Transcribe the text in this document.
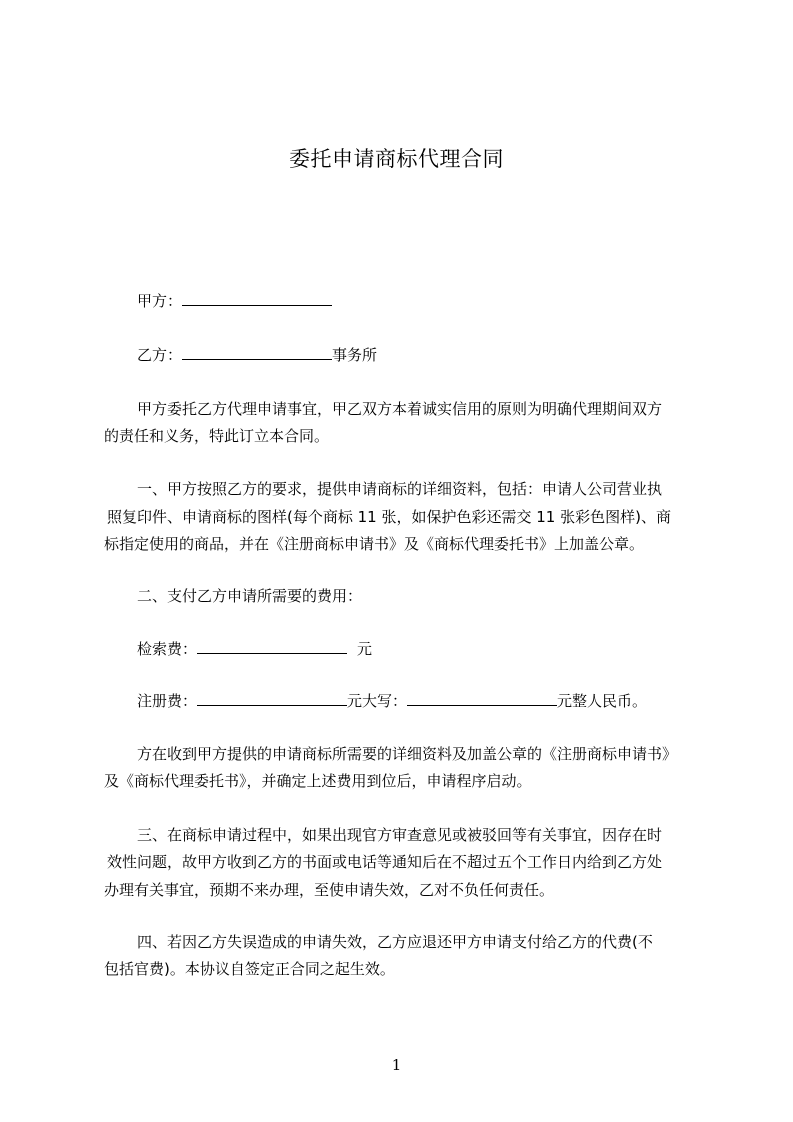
委托申请商标代理合同
甲方：
乙方：	事务所
甲方委托乙方代理申请事宜，甲乙双方本着诚实信用的原则为明确代理期间双方
的责任和义务，特此订立本合同。
一、甲方按照乙方的要求，提供申请商标的详细资料，包括：申请人公司营业执
照复印件、申请商标的图样(每个商标 11 张，如保护色彩还需交 11 张彩色图样)、商
标指定使用的商品，并在《注册商标申请书》及《商标代理委托书》上加盖公章。
二、支付乙方申请所需要的费用：
检索费：	元
注册费：	元大写：	元整人民币。
方在收到甲方提供的申请商标所需要的详细资料及加盖公章的《注册商标申请书》
及《商标代理委托书》，并确定上述费用到位后，申请程序启动。
三、在商标申请过程中，如果出现官方审查意见或被驳回等有关事宜，因存在时
效性问题，故甲方收到乙方的书面或电话等通知后在不超过五个工作日内给到乙方处
办理有关事宜，预期不来办理，至使申请失效，乙对不负任何责任。
四、若因乙方失误造成的申请失效，乙方应退还甲方申请支付给乙方的代费(不
包括官费)。本协议自签定正合同之起生效。
1
